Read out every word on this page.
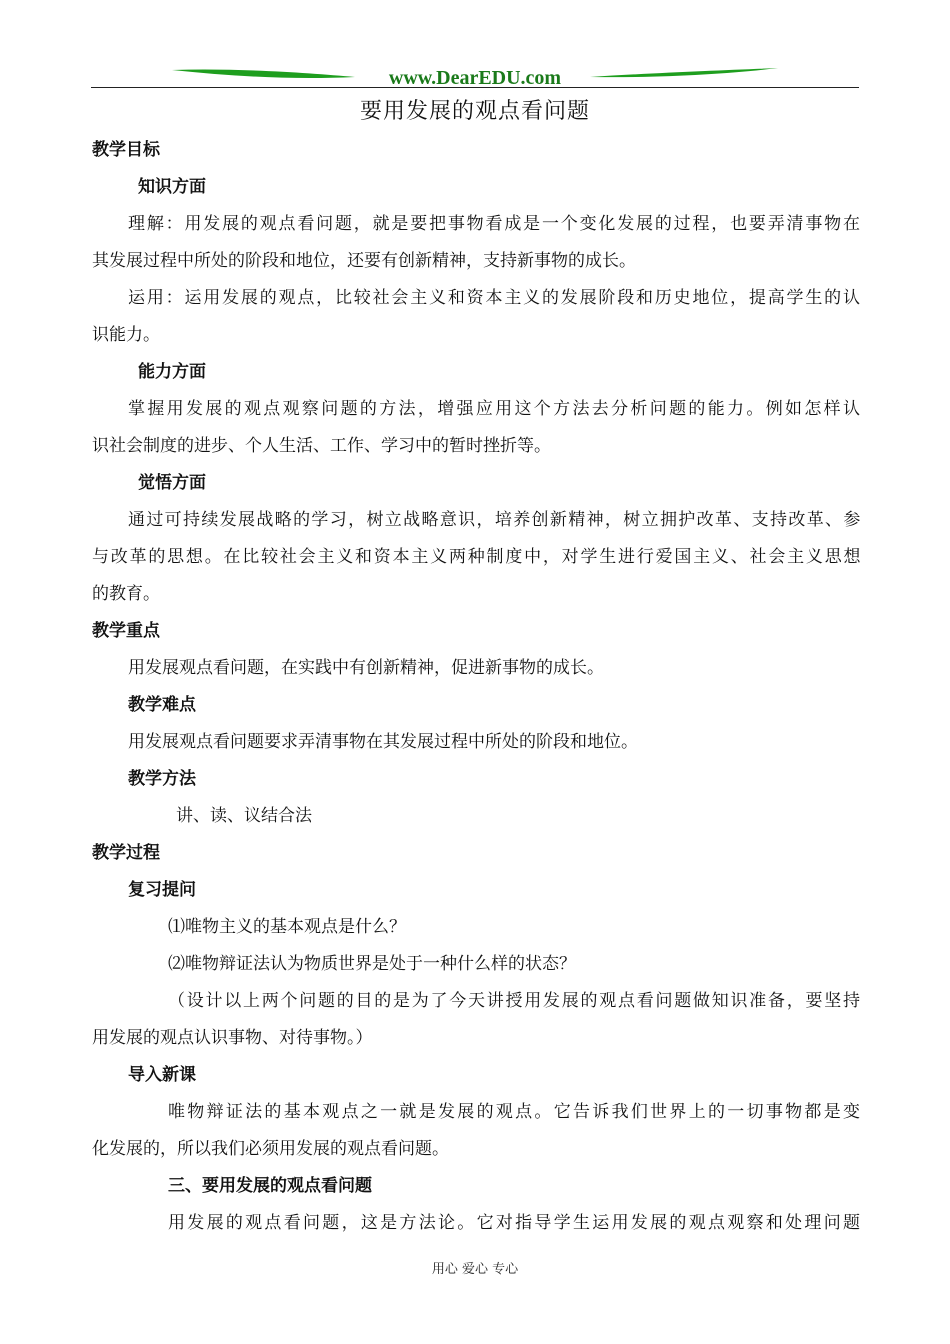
www.DearEDU.com
要用发展的观点看问题
教学目标
知识方面
理解：用发展的观点看问题，就是要把事物看成是一个变化发展的过程，也要弄清事物在
其发展过程中所处的阶段和地位，还要有创新精神，支持新事物的成长。
运用：运用发展的观点，比较社会主义和资本主义的发展阶段和历史地位，提高学生的认
识能力。
能力方面
掌握用发展的观点观察问题的方法，增强应用这个方法去分析问题的能力。例如怎样认
识社会制度的进步、个人生活、工作、学习中的暂时挫折等。
觉悟方面
通过可持续发展战略的学习，树立战略意识，培养创新精神，树立拥护改革、支持改革、参
与改革的思想。在比较社会主义和资本主义两种制度中，对学生进行爱国主义、社会主义思想
的教育。
教学重点
用发展观点看问题，在实践中有创新精神，促进新事物的成长。
教学难点
用发展观点看问题要求弄清事物在其发展过程中所处的阶段和地位。
教学方法
讲、读、议结合法
教学过程
复习提问
⑴唯物主义的基本观点是什么？
⑵唯物辩证法认为物质世界是处于一种什么样的状态？
（设计以上两个问题的目的是为了今天讲授用发展的观点看问题做知识准备，要坚持
用发展的观点认识事物、对待事物。）
导入新课
唯物辩证法的基本观点之一就是发展的观点。它告诉我们世界上的一切事物都是变
化发展的，所以我们必须用发展的观点看问题。
三、要用发展的观点看问题
用发展的观点看问题，这是方法论。它对指导学生运用发展的观点观察和处理问题
用心 爱心 专心
